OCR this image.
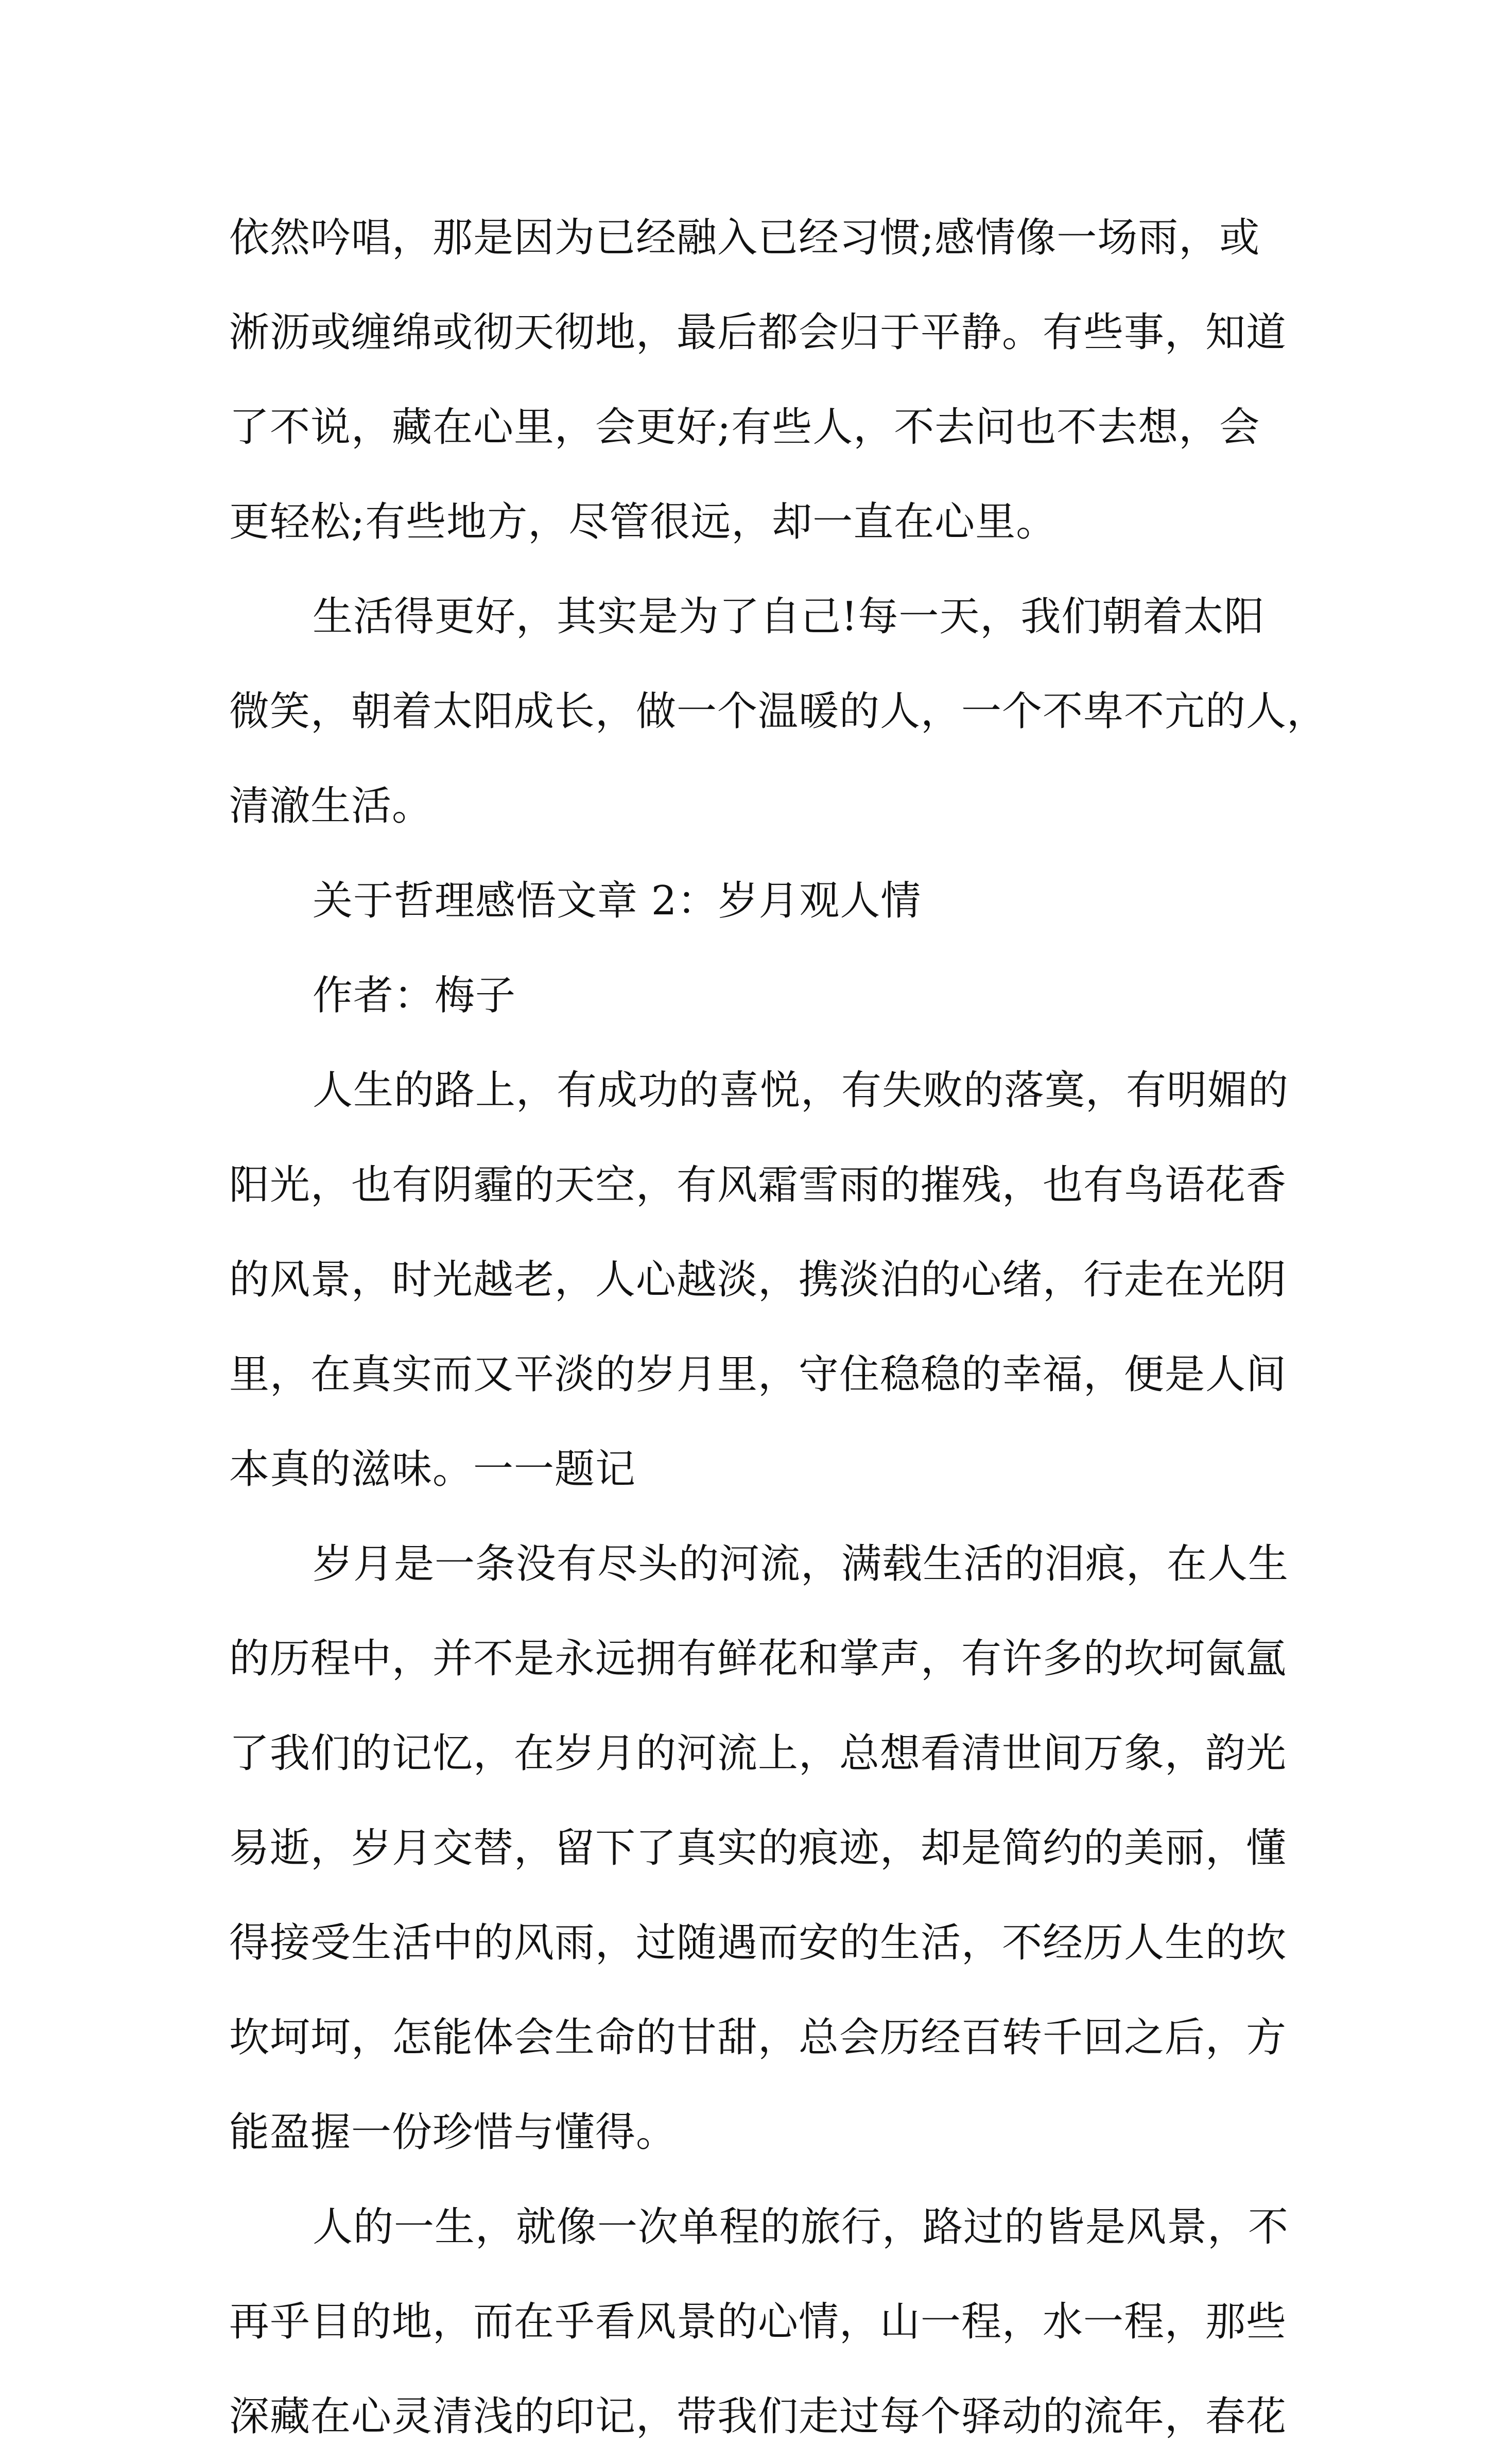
依然吟唱，那是因为已经融入已经习惯;感情像一场雨，或
淅沥或缠绵或彻天彻地，最后都会归于平静。有些事，知道
了不说，藏在心里，会更好;有些人，不去问也不去想，会
更轻松;有些地方，尽管很远，却一直在心里。
生活得更好，其实是为了自己!每一天，我们朝着太阳
微笑，朝着太阳成长，做一个温暖的人，一个不卑不亢的人，
清澈生活。
关于哲理感悟文章 2：岁月观人情
作者：梅子
人生的路上，有成功的喜悦，有失败的落寞，有明媚的
阳光，也有阴霾的天空，有风霜雪雨的摧残，也有鸟语花香
的风景，时光越老，人心越淡，携淡泊的心绪，行走在光阴
里，在真实而又平淡的岁月里，守住稳稳的幸福，便是人间
本真的滋味。一一题记
岁月是一条没有尽头的河流，满载生活的泪痕，在人生
的历程中，并不是永远拥有鲜花和掌声，有许多的坎坷氤氲
了我们的记忆，在岁月的河流上，总想看清世间万象，韵光
易逝，岁月交替，留下了真实的痕迹，却是简约的美丽，懂
得接受生活中的风雨，过随遇而安的生活，不经历人生的坎
坎坷坷，怎能体会生命的甘甜，总会历经百转千回之后，方
能盈握一份珍惜与懂得。
人的一生，就像一次单程的旅行，路过的皆是风景，不
再乎目的地，而在乎看风景的心情，山一程，水一程，那些
深藏在心灵清浅的印记，带我们走过每个驿动的流年，春花
